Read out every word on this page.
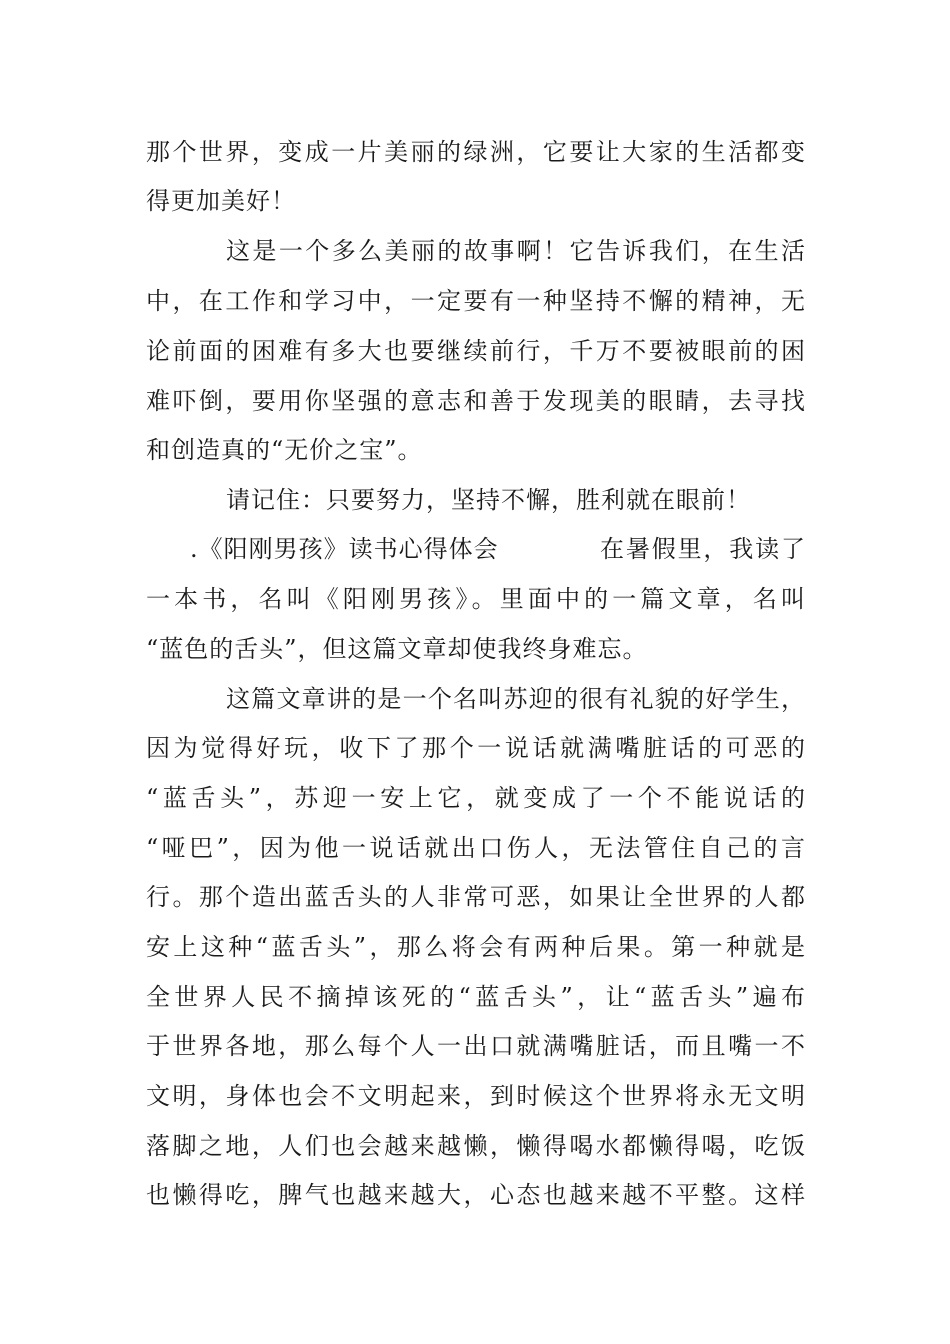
那个世界，变成一片美丽的绿洲，它要让大家的生活都变
得更加美好！
这是一个多么美丽的故事啊！它告诉我们，在生活
中，在工作和学习中，一定要有一种坚持不懈的精神，无
论前面的困难有多大也要继续前行，千万不要被眼前的困
难吓倒，要用你坚强的意志和善于发现美的眼睛，去寻找
和创造真的“无价之宝”。
请记住：只要努力，坚持不懈，胜利就在眼前！
.《阳刚男孩》读书心得体会	在暑假里，我读了
一本书，名叫《阳刚男孩》。里面中的一篇文章，名叫
“蓝色的舌头”，但这篇文章却使我终身难忘。
这篇文章讲的是一个名叫苏迎的很有礼貌的好学生，
因为觉得好玩，收下了那个一说话就满嘴脏话的可恶的
“蓝舌头”，苏迎一安上它，就变成了一个不能说话的
“哑巴”，因为他一说话就出口伤人，无法管住自己的言
行。那个造出蓝舌头的人非常可恶，如果让全世界的人都
安上这种“蓝舌头”，那么将会有两种后果。第一种就是
全世界人民不摘掉该死的“蓝舌头”，让“蓝舌头”遍布
于世界各地，那么每个人一出口就满嘴脏话，而且嘴一不
文明，身体也会不文明起来，到时候这个世界将永无文明
落脚之地，人们也会越来越懒，懒得喝水都懒得喝，吃饭
也懒得吃，脾气也越来越大，心态也越来越不平整。这样
